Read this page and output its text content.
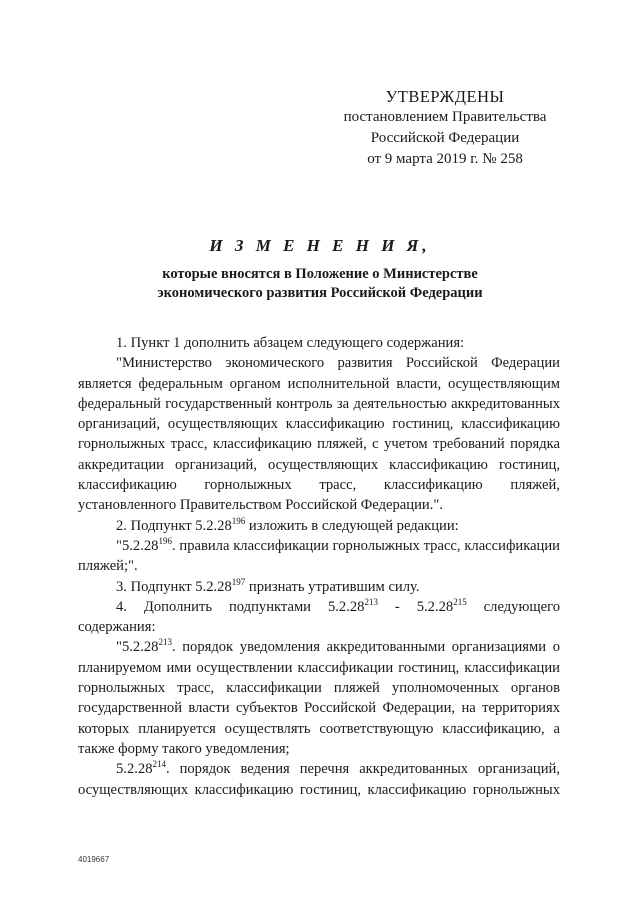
УТВЕРЖДЕНЫ
постановлением Правительства
Российской Федерации
от 9 марта 2019 г. № 258
И З М Е Н Е Н И Я,
которые вносятся в Положение о Министерстве
экономического развития Российской Федерации

1. Пункт 1 дополнить абзацем следующего содержания:

"Министерство экономического развития Российской Федерации является федеральным органом исполнительной власти, осуществляющим федеральный государственный контроль за деятельностью аккредитованных организаций, осуществляющих классификацию гостиниц, классификацию горнолыжных трасс, классификацию пляжей, с учетом требований порядка аккредитации организаций, осуществляющих классификацию гостиниц, классификацию горнолыжных трасс, классификацию пляжей, установленного Правительством Российской Федерации.".

2. Подпункт 5.2.28$^{196}$ изложить в следующей редакции:

"5.2.28$^{196}$. правила классификации горнолыжных трасс, классификации пляжей;".

3. Подпункт 5.2.28$^{197}$ признать утратившим силу.

4. Дополнить подпунктами 5.2.28$^{213}$ - 5.2.28$^{215}$ следующего содержания:

"5.2.28$^{213}$. порядок уведомления аккредитованными организациями о планируемом ими осуществлении классификации гостиниц, классификации горнолыжных трасс, классификации пляжей уполномоченных органов государственной власти субъектов Российской Федерации, на территориях которых планируется осуществлять соответствующую классификацию, а также форму такого уведомления;

5.2.28$^{214}$. порядок ведения перечня аккредитованных организаций, осуществляющих классификацию гостиниц, классификацию горнолыжных

4019667
